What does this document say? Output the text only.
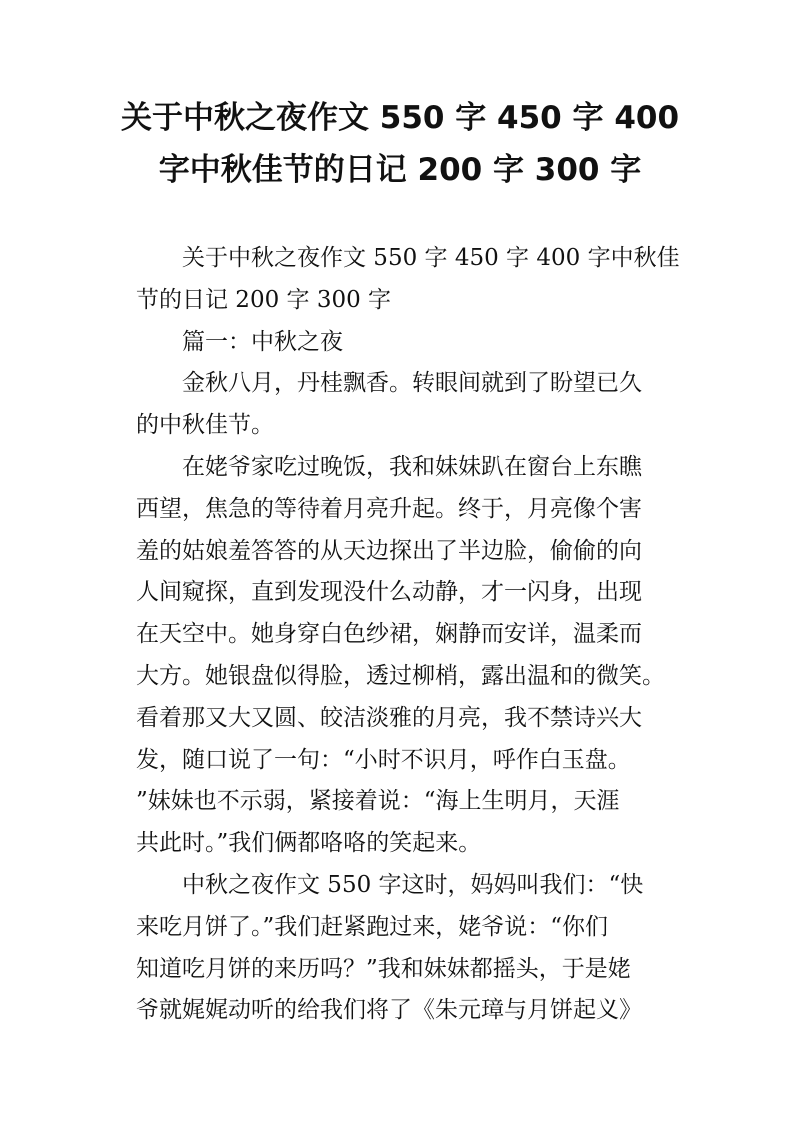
关于中秋之夜作文 550 字 450 字 400
字中秋佳节的日记 200 字 300 字
关于中秋之夜作文 550 字 450 字 400 字中秋佳
节的日记 200 字 300 字
篇一：中秋之夜
金秋八月，丹桂飘香。转眼间就到了盼望已久
的中秋佳节。
在姥爷家吃过晚饭，我和妹妹趴在窗台上东瞧
西望，焦急的等待着月亮升起。终于，月亮像个害
羞的姑娘羞答答的从天边探出了半边脸，偷偷的向
人间窥探，直到发现没什么动静，才一闪身，出现
在天空中。她身穿白色纱裙，娴静而安详，温柔而
大方。她银盘似得脸，透过柳梢，露出温和的微笑。
看着那又大又圆、皎洁淡雅的月亮，我不禁诗兴大
发，随口说了一句：“小时不识月，呼作白玉盘。
”妹妹也不示弱，紧接着说：“海上生明月，天涯
共此时。”我们俩都咯咯的笑起来。
中秋之夜作文 550 字这时，妈妈叫我们：“快
来吃月饼了。”我们赶紧跑过来，姥爷说：“你们
知道吃月饼的来历吗？”我和妹妹都摇头，于是姥
爷就娓娓动听的给我们将了《朱元璋与月饼起义》
